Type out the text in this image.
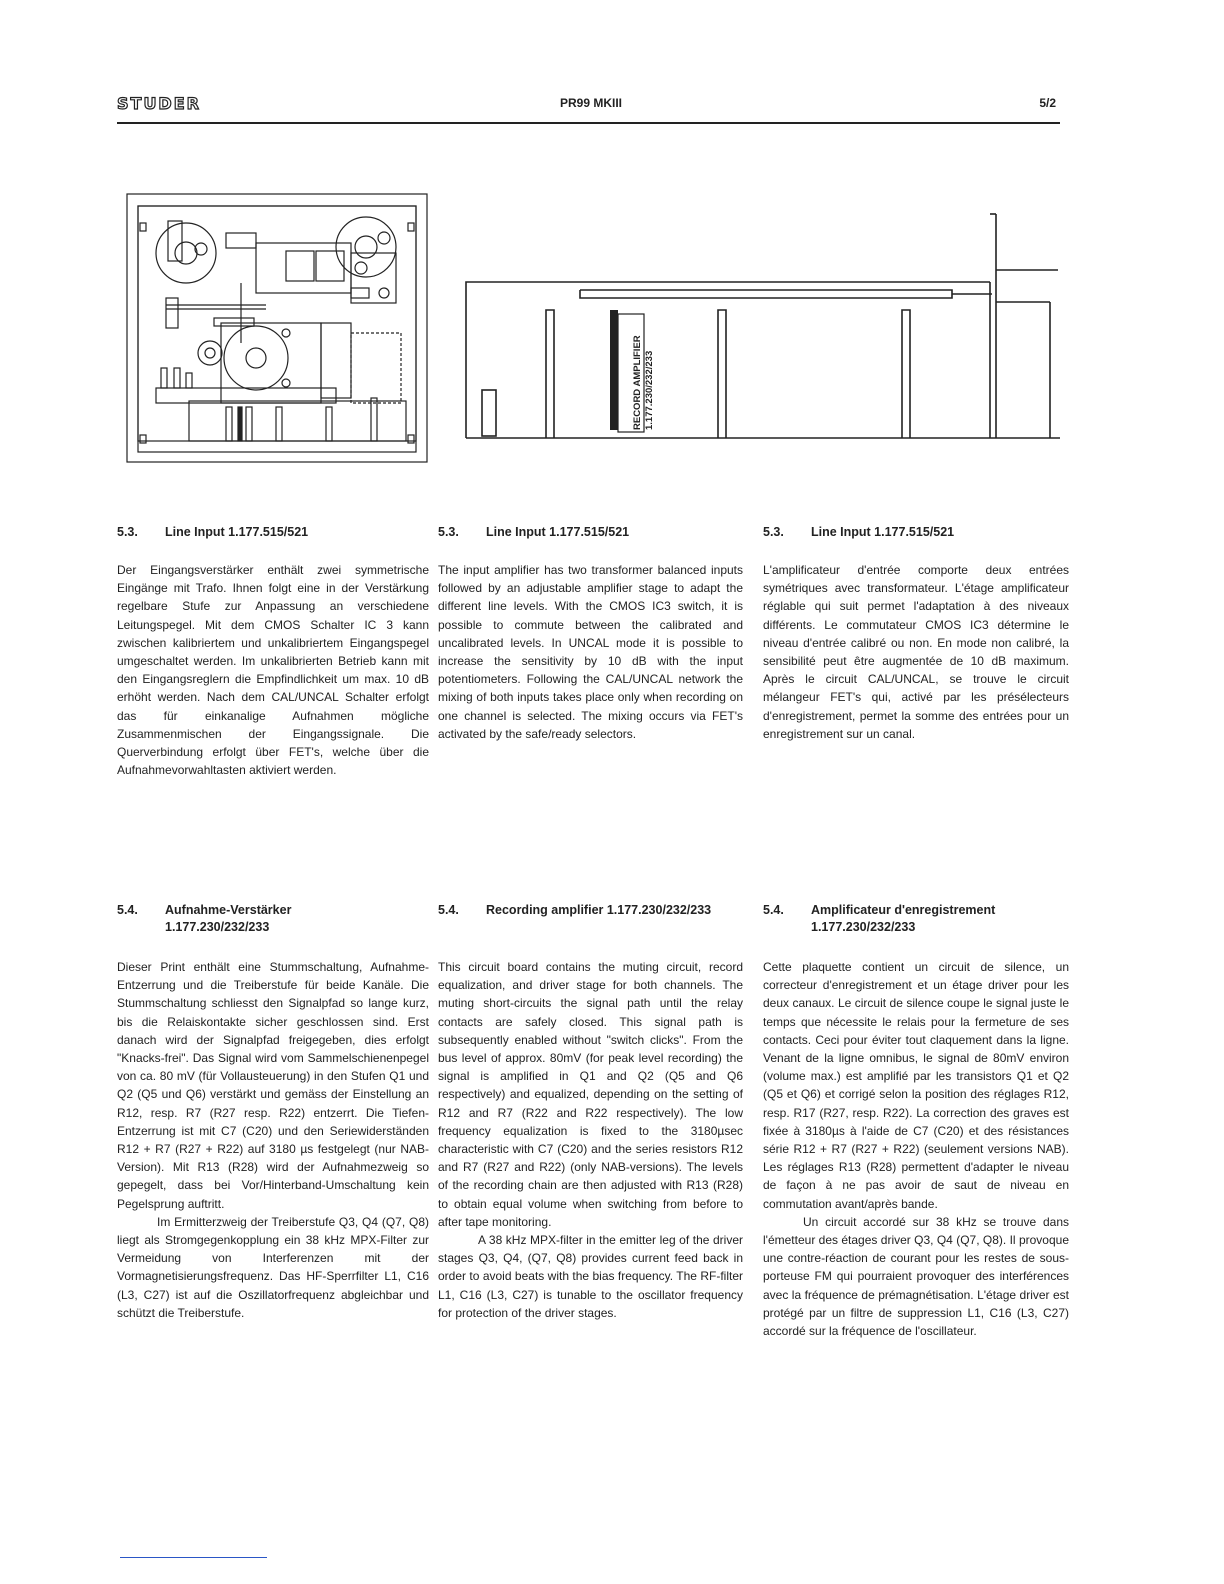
STUDER	PR99 MKIII	5/2
RECORD AMPLIFIER 1.177.230/232/233
5.3.	Line Input 1.177.515/521

Der Eingangsverstärker enthält zwei symmetrische Eingänge mit Trafo. Ihnen folgt eine in der Verstärkung regelbare Stufe zur Anpassung an verschiedene Leitungspegel. Mit dem CMOS Schalter IC 3 kann zwischen kalibriertem und unkalibriertem Eingangspegel umgeschaltet werden. Im unkalibrierten Betrieb kann mit den Eingangsreglern die Empfindlichkeit um max. 10 dB erhöht werden. Nach dem CAL/UNCAL Schalter erfolgt das für einkanalige Aufnahmen mögliche Zusammenmischen der Eingangssignale. Die Querverbindung erfolgt über FET's, welche über die Aufnahmevorwahltasten aktiviert werden.

5.3.	Line Input 1.177.515/521

The input amplifier has two transformer balanced inputs followed by an adjustable amplifier stage to adapt the different line levels. With the CMOS IC3 switch, it is possible to commute between the calibrated and uncalibrated levels. In UNCAL mode it is possible to increase the sensitivity by 10 dB with the input potentiometers. Following the CAL/UNCAL network the mixing of both inputs takes place only when recording on one channel is selected. The mixing occurs via FET's activated by the safe/ready selectors.

5.3.	Line Input 1.177.515/521

L'amplificateur d'entrée comporte deux entrées symétriques avec transformateur. L'étage amplificateur réglable qui suit permet l'adaptation à des niveaux différents. Le commutateur CMOS IC3 détermine le niveau d'entrée calibré ou non. En mode non calibré, la sensibilité peut être augmentée de 10 dB maximum. Après le circuit CAL/UNCAL, se trouve le circuit mélangeur FET's qui, activé par les présélecteurs d'enregistrement, permet la somme des entrées pour un enregistrement sur un canal.

5.4.	Aufnahme-Verstärker
1.177.230/232/233

Dieser Print enthält eine Stummschaltung, Aufnahme-Entzerrung und die Treiberstufe für beide Kanäle. Die Stummschaltung schliesst den Signalpfad so lange kurz, bis die Relaiskontakte sicher geschlossen sind. Erst danach wird der Signalpfad freigegeben, dies erfolgt "Knacks-frei". Das Signal wird vom Sammelschienenpegel von ca. 80 mV (für Vollausteuerung) in den Stufen Q1 und Q2 (Q5 und Q6) verstärkt und gemäss der Einstellung an R12, resp. R7 (R27 resp. R22) entzerrt. Die Tiefen-Entzerrung ist mit C7 (C20) und den Seriewiderständen R12 + R7 (R27 + R22) auf 3180 µs festgelegt (nur NAB-Version). Mit R13 (R28) wird der Aufnahmezweig so gepegelt, dass bei Vor/Hinterband-Umschaltung kein Pegelsprung auftritt.

Im Ermitterzweig der Treiberstufe Q3, Q4 (Q7, Q8) liegt als Stromgegenkopplung ein 38 kHz MPX-Filter zur Vermeidung von Interferenzen mit der Vormagnetisierungsfrequenz. Das HF-Sperrfilter L1, C16 (L3, C27) ist auf die Oszillatorfrequenz abgleichbar und schützt die Treiberstufe.

5.4.	Recording amplifier 1.177.230/232/233

This circuit board contains the muting circuit, record equalization, and driver stage for both channels. The muting short-circuits the signal path until the relay contacts are safely closed. This signal path is subsequently enabled without "switch clicks". From the bus level of approx. 80mV (for peak level recording) the signal is amplified in Q1 and Q2 (Q5 and Q6 respectively) and equalized, depending on the setting of R12 and R7 (R22 and R22 respectively). The low frequency equalization is fixed to the 3180µsec characteristic with C7 (C20) and the series resistors R12 and R7 (R27 and R22) (only NAB-versions). The levels of the recording chain are then adjusted with R13 (R28) to obtain equal volume when switching from before to after tape monitoring.

A 38 kHz MPX-filter in the emitter leg of the driver stages Q3, Q4, (Q7, Q8) provides current feed back in order to avoid beats with the bias frequency. The RF-filter L1, C16 (L3, C27) is tunable to the oscillator frequency for protection of the driver stages.

5.4.	Amplificateur d'enregistrement
1.177.230/232/233

Cette plaquette contient un circuit de silence, un correcteur d'enregistrement et un étage driver pour les deux canaux. Le circuit de silence coupe le signal juste le temps que nécessite le relais pour la fermeture de ses contacts. Ceci pour éviter tout claquement dans la ligne. Venant de la ligne omnibus, le signal de 80mV environ (volume max.) est amplifié par les transistors Q1 et Q2 (Q5 et Q6) et corrigé selon la position des réglages R12, resp. R17 (R27, resp. R22). La correction des graves est fixée à 3180µs à l'aide de C7 (C20) et des résistances série R12 + R7 (R27 + R22) (seulement versions NAB). Les réglages R13 (R28) permettent d'adapter le niveau de façon à ne pas avoir de saut de niveau en commutation avant/après bande.

Un circuit accordé sur 38 kHz se trouve dans l'émetteur des étages driver Q3, Q4 (Q7, Q8). Il provoque une contre-réaction de courant pour les restes de sous-porteuse FM qui pourraient provoquer des interférences avec la fréquence de prémagnétisation. L'étage driver est protégé par un filtre de suppression L1, C16 (L3, C27) accordé sur la fréquence de l'oscillateur.
